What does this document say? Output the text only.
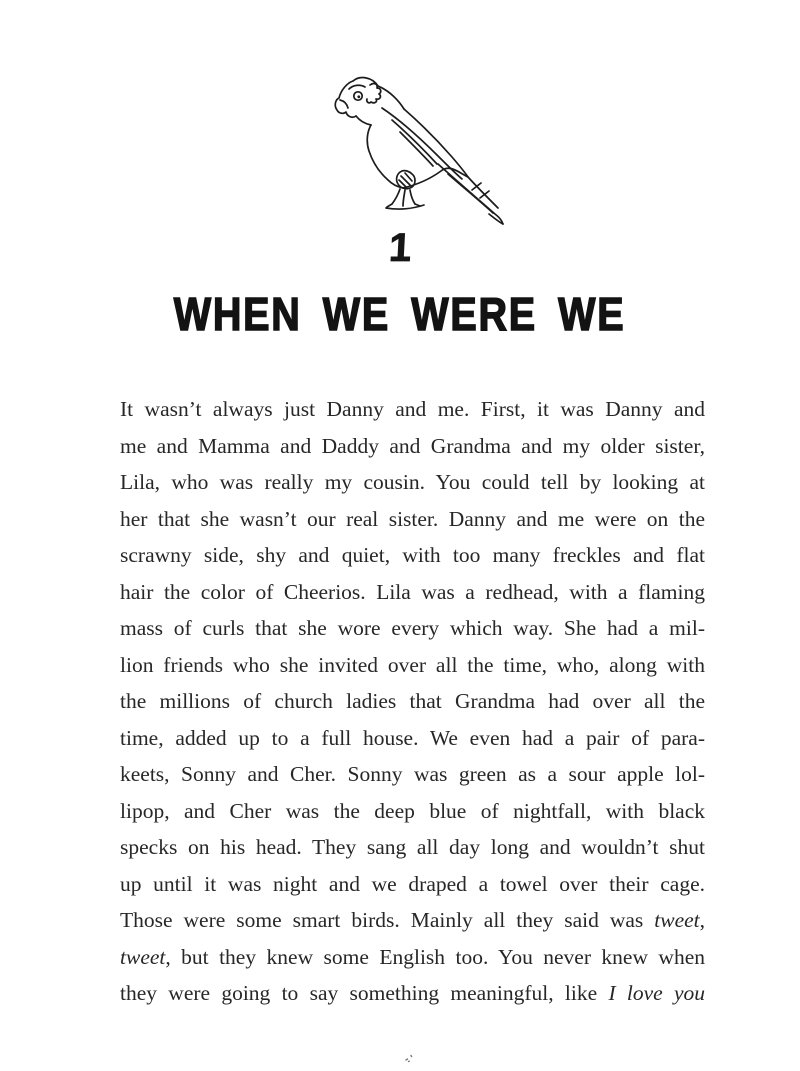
1
WHEN WE WERE WE
It wasn’t always just Danny and me. First, it was Danny and
me and Mamma and Daddy and Grandma and my older sister,
Lila, who was really my cousin. You could tell by looking at
her that she wasn’t our real sister. Danny and me were on the
scrawny side, shy and quiet, with too many freckles and flat
hair the color of Cheerios. Lila was a redhead, with a flaming
mass of curls that she wore every which way. She had a mil-
lion friends who she invited over all the time, who, along with
the millions of church ladies that Grandma had over all the
time, added up to a full house. We even had a pair of para-
keets, Sonny and Cher. Sonny was green as a sour apple lol-
lipop, and Cher was the deep blue of nightfall, with black
specks on his head. They sang all day long and wouldn’t shut
up until it was night and we draped a towel over their cage.
Those were some smart birds. Mainly all they said was tweet,
tweet, but they knew some English too. You never knew when
they were going to say something meaningful, like I love you
